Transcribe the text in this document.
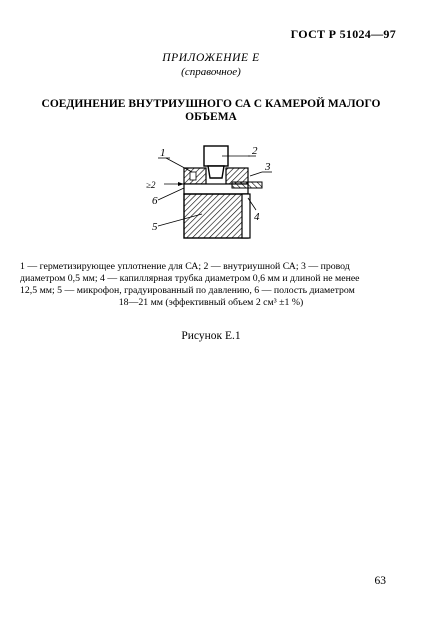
ГОСТ Р 51024—97
ПРИЛОЖЕНИЕ Е
(справочное)
СОЕДИНЕНИЕ ВНУТРИУШНОГО СА С КАМЕРОЙ МАЛОГО ОБЪЕМА
1	2
3
4
5
6
≥2
1 — герметизирующее уплотнение для СА; 2 — внутриушной СА; 3 — провод
диаметром 0,5 мм; 4 — капиллярная трубка диаметром 0,6 мм и длиной не менее
12,5 мм; 5 — микрофон, градуированный по давлению, 6 — полость диаметром
18—21 мм (эффективный объем 2 см³ ±1 %)
Рисунок Е.1
63
